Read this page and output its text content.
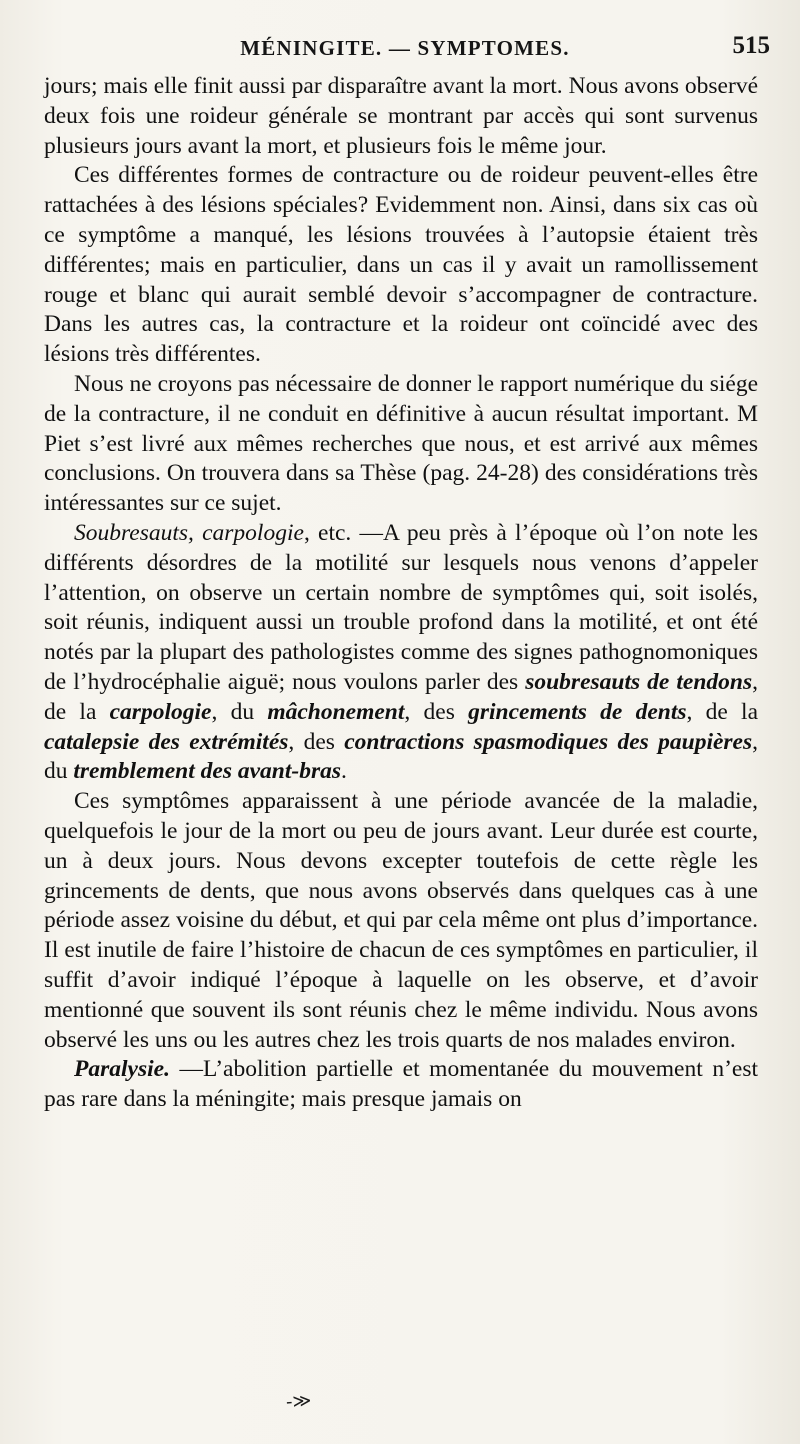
MÉNINGITE. — SYMPTOMES.	515

jours; mais elle finit aussi par disparaître avant la mort. Nous avons observé deux fois une roideur générale se montrant par accès qui sont survenus plusieurs jours avant la mort, et plusieurs fois le même jour.

Ces différentes formes de contracture ou de roideur peuvent-elles être rattachées à des lésions spéciales? Evidemment non. Ainsi, dans six cas où ce symptôme a manqué, les lésions trouvées à l’autopsie étaient très différentes; mais en particulier, dans un cas il y avait un ramollissement rouge et blanc qui aurait semblé devoir s’accompagner de contracture. Dans les autres cas, la contracture et la roideur ont coïncidé avec des lésions très différentes.

Nous ne croyons pas nécessaire de donner le rapport numérique du siége de la contracture, il ne conduit en définitive à aucun résultat important. M Piet s’est livré aux mêmes recherches que nous, et est arrivé aux mêmes conclusions. On trouvera dans sa Thèse (pag. 24-28) des considérations très intéressantes sur ce sujet.

Soubresauts, carpologie, etc. —A peu près à l’époque où l’on note les différents désordres de la motilité sur lesquels nous venons d’appeler l’attention, on observe un certain nombre de symptômes qui, soit isolés, soit réunis, indiquent aussi un trouble profond dans la motilité, et ont été notés par la plupart des pathologistes comme des signes pathognomoniques de l’hydrocéphalie aiguë; nous voulons parler des soubresauts de tendons, de la carpologie, du mâchonement, des grincements de dents, de la catalepsie des extrémités, des contractions spasmodiques des paupières, du tremblement des avant-bras.

Ces symptômes apparaissent à une période avancée de la maladie, quelquefois le jour de la mort ou peu de jours avant. Leur durée est courte, un à deux jours. Nous devons excepter toutefois de cette règle les grincements de dents, que nous avons observés dans quelques cas à une période assez voisine du début, et qui par cela même ont plus d’importance. Il est inutile de faire l’histoire de chacun de ces symptômes en particulier, il suffit d’avoir indiqué l’époque à laquelle on les observe, et d’avoir mentionné que souvent ils sont réunis chez le même individu. Nous avons observé les uns ou les autres chez les trois quarts de nos malades environ.

Paralysie. —L’abolition partielle et momentanée du mouvement n’est pas rare dans la méningite; mais presque jamais on

-≫
